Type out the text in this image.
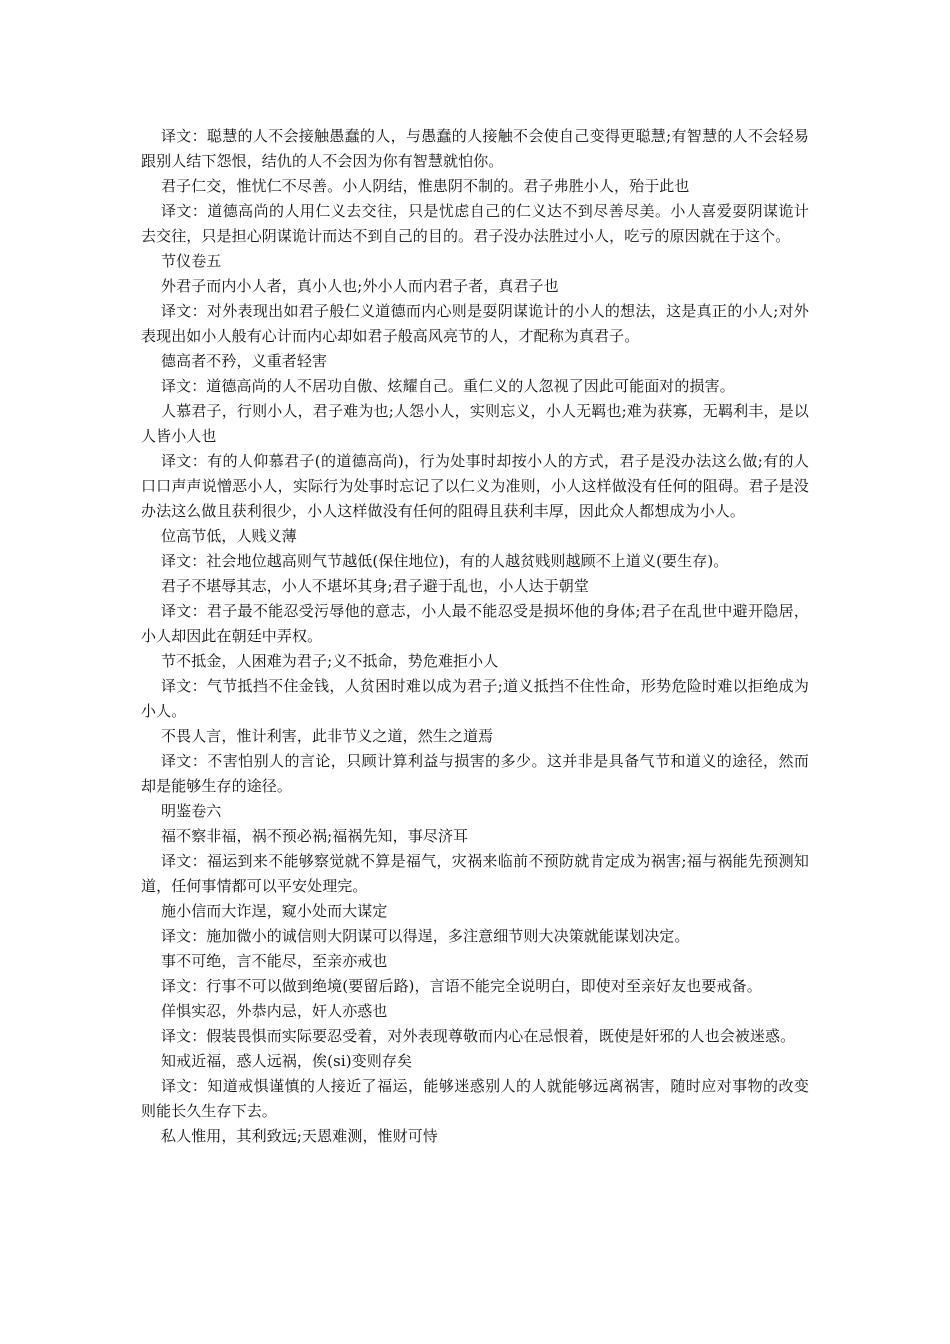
译文：聪慧的人不会接触愚蠢的人，与愚蠢的人接触不会使自己变得更聪慧;有智慧的人不会轻易跟别人结下怨恨，结仇的人不会因为你有智慧就怕你。

君子仁交，惟忧仁不尽善。小人阴结，惟患阴不制的。君子弗胜小人，殆于此也

译文：道德高尚的人用仁义去交往，只是忧虑自己的仁义达不到尽善尽美。小人喜爱耍阴谋诡计去交往，只是担心阴谋诡计而达不到自己的目的。君子没办法胜过小人，吃亏的原因就在于这个。

节仪卷五

外君子而内小人者，真小人也;外小人而内君子者，真君子也

译文：对外表现出如君子般仁义道德而内心则是耍阴谋诡计的小人的想法，这是真正的小人;对外表现出如小人般有心计而内心却如君子般高风亮节的人，才配称为真君子。

德高者不矜，义重者轻害

译文：道德高尚的人不居功自傲、炫耀自己。重仁义的人忽视了因此可能面对的损害。

人慕君子，行则小人，君子难为也;人怨小人，实则忘义，小人无羁也;难为获寡，无羁利丰，是以人皆小人也

译文：有的人仰慕君子(的道德高尚)，行为处事时却按小人的方式，君子是没办法这么做;有的人口口声声说憎恶小人，实际行为处事时忘记了以仁义为准则，小人这样做没有任何的阻碍。君子是没办法这么做且获利很少，小人这样做没有任何的阻碍且获利丰厚，因此众人都想成为小人。

位高节低，人贱义薄

译文：社会地位越高则气节越低(保住地位)，有的人越贫贱则越顾不上道义(要生存)。

君子不堪辱其志，小人不堪坏其身;君子避于乱也，小人达于朝堂

译文：君子最不能忍受污辱他的意志，小人最不能忍受是损坏他的身体;君子在乱世中避开隐居，小人却因此在朝廷中弄权。

节不抵金，人困难为君子;义不抵命，势危难拒小人

译文：气节抵挡不住金钱，人贫困时难以成为君子;道义抵挡不住性命，形势危险时难以拒绝成为小人。

不畏人言，惟计利害，此非节义之道，然生之道焉

译文：不害怕别人的言论，只顾计算利益与损害的多少。这并非是具备气节和道义的途径，然而却是能够生存的途径。

明鉴卷六

福不察非福，祸不预必祸;福祸先知，事尽济耳

译文：福运到来不能够察觉就不算是福气，灾祸来临前不预防就肯定成为祸害;福与祸能先预测知道，任何事情都可以平安处理完。

施小信而大诈逞，窥小处而大谋定

译文：施加微小的诚信则大阴谋可以得逞，多注意细节则大决策就能谋划决定。

事不可绝，言不能尽，至亲亦戒也

译文：行事不可以做到绝境(要留后路)，言语不能完全说明白，即使对至亲好友也要戒备。

佯惧实忍，外恭内忌，奸人亦惑也

译文：假装畏惧而实际要忍受着，对外表现尊敬而内心在忌恨着，既使是奸邪的人也会被迷惑。

知戒近福，惑人远祸，俟(si)变则存矣

译文：知道戒惧谨慎的人接近了福运，能够迷惑别人的人就能够远离祸害，随时应对事物的改变则能长久生存下去。

私人惟用，其利致远;天恩难测，惟财可恃
